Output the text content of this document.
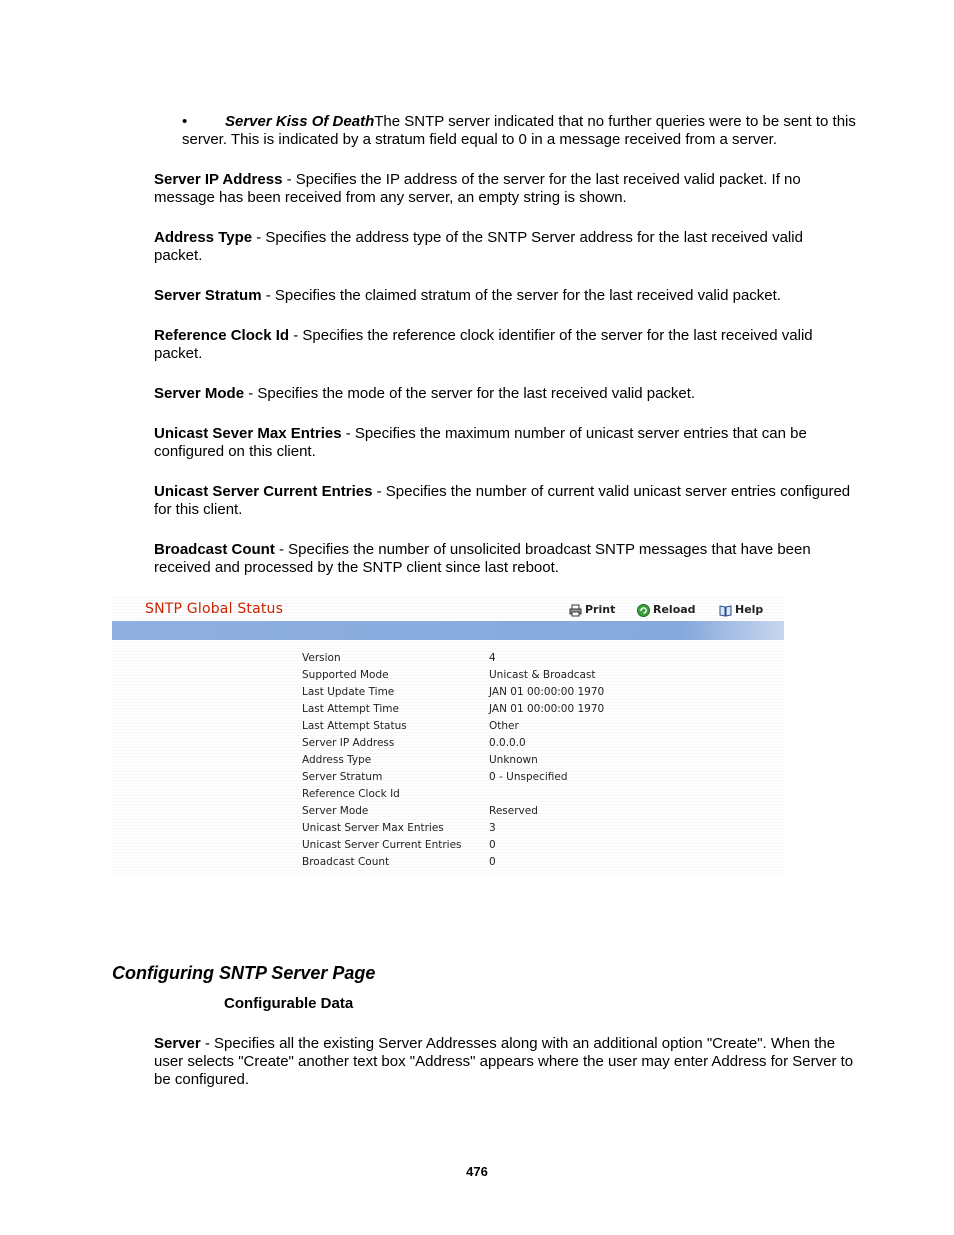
•	Server Kiss Of DeathThe SNTP server indicated that no further queries were to be sent to this server. This is indicated by a stratum field equal to 0 in a message received from a server.

Server IP Address - Specifies the IP address of the server for the last received valid packet. If no message has been received from any server, an empty string is shown.

Address Type - Specifies the address type of the SNTP Server address for the last received valid packet.

Server Stratum - Specifies the claimed stratum of the server for the last received valid packet.

Reference Clock Id - Specifies the reference clock identifier of the server for the last received valid packet.

Server Mode - Specifies the mode of the server for the last received valid packet.

Unicast Sever Max Entries - Specifies the maximum number of unicast server entries that can be configured on this client.

Unicast Server Current Entries - Specifies the number of current valid unicast server entries configured for this client.

Broadcast Count - Specifies the number of unsolicited broadcast SNTP messages that have been received and processed by the SNTP client since last reboot.

SNTP Global Status	Print	Reload	Help
Version	4
Supported Mode	Unicast & Broadcast
Last Update Time	JAN 01 00:00:00 1970
Last Attempt Time	JAN 01 00:00:00 1970
Last Attempt Status	Other
Server IP Address	0.0.0.0
Address Type	Unknown
Server Stratum	0 - Unspecified
Reference Clock Id
Server Mode	Reserved
Unicast Server Max Entries	3
Unicast Server Current Entries	0
Broadcast Count	0
Configuring SNTP Server Page
Configurable Data

Server - Specifies all the existing Server Addresses along with an additional option "Create". When the user selects "Create" another text box "Address" appears where the user may enter Address for Server to be configured.

476
